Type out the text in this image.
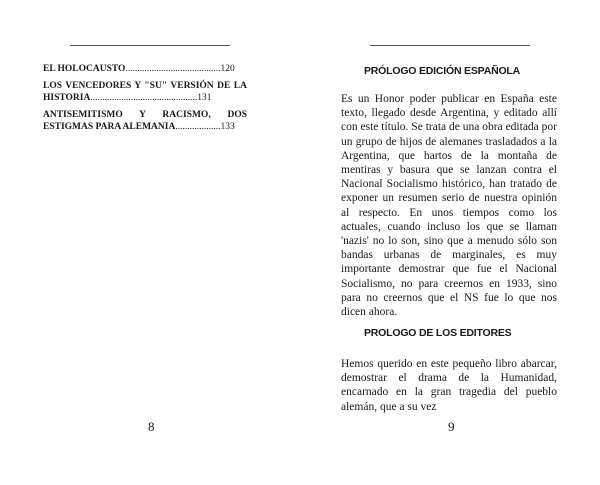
EL HOLOCAUSTO........................................120
LOS VENCEDORES Y "SU" VERSIÓN DE LA HISTORIA.............................................131
ANTISEMITISMO Y RACISMO, DOS ESTIGMAS PARA ALEMANIA...................133
8
PRÓLOGO EDICIÓN ESPAÑOLA

Es un Honor poder publicar en España este texto, llegado desde Argentina, y editado allí con este título. Se trata de una obra editada por un grupo de hijos de alemanes trasladados a la Argentina, que hartos de la montaña de mentiras y basura que se lanzan contra el Nacional Socialismo histórico, han tratado de exponer un resumen serio de nuestra opinión al respecto. En unos tiempos como los actuales, cuando incluso los que se llaman 'nazis' no lo son, sino que a menudo sólo son bandas urbanas de marginales, es muy importante demostrar que fue el Nacional Socialismo, no para creernos en 1933, sino para no creernos que el NS fue lo que nos dicen ahora.

PROLOGO DE LOS EDITORES

Hemos querido en este pequeño libro abarcar, demostrar el drama de la Humanidad, encarnado en la gran tragedia del pueblo alemán, que a su vez

9
